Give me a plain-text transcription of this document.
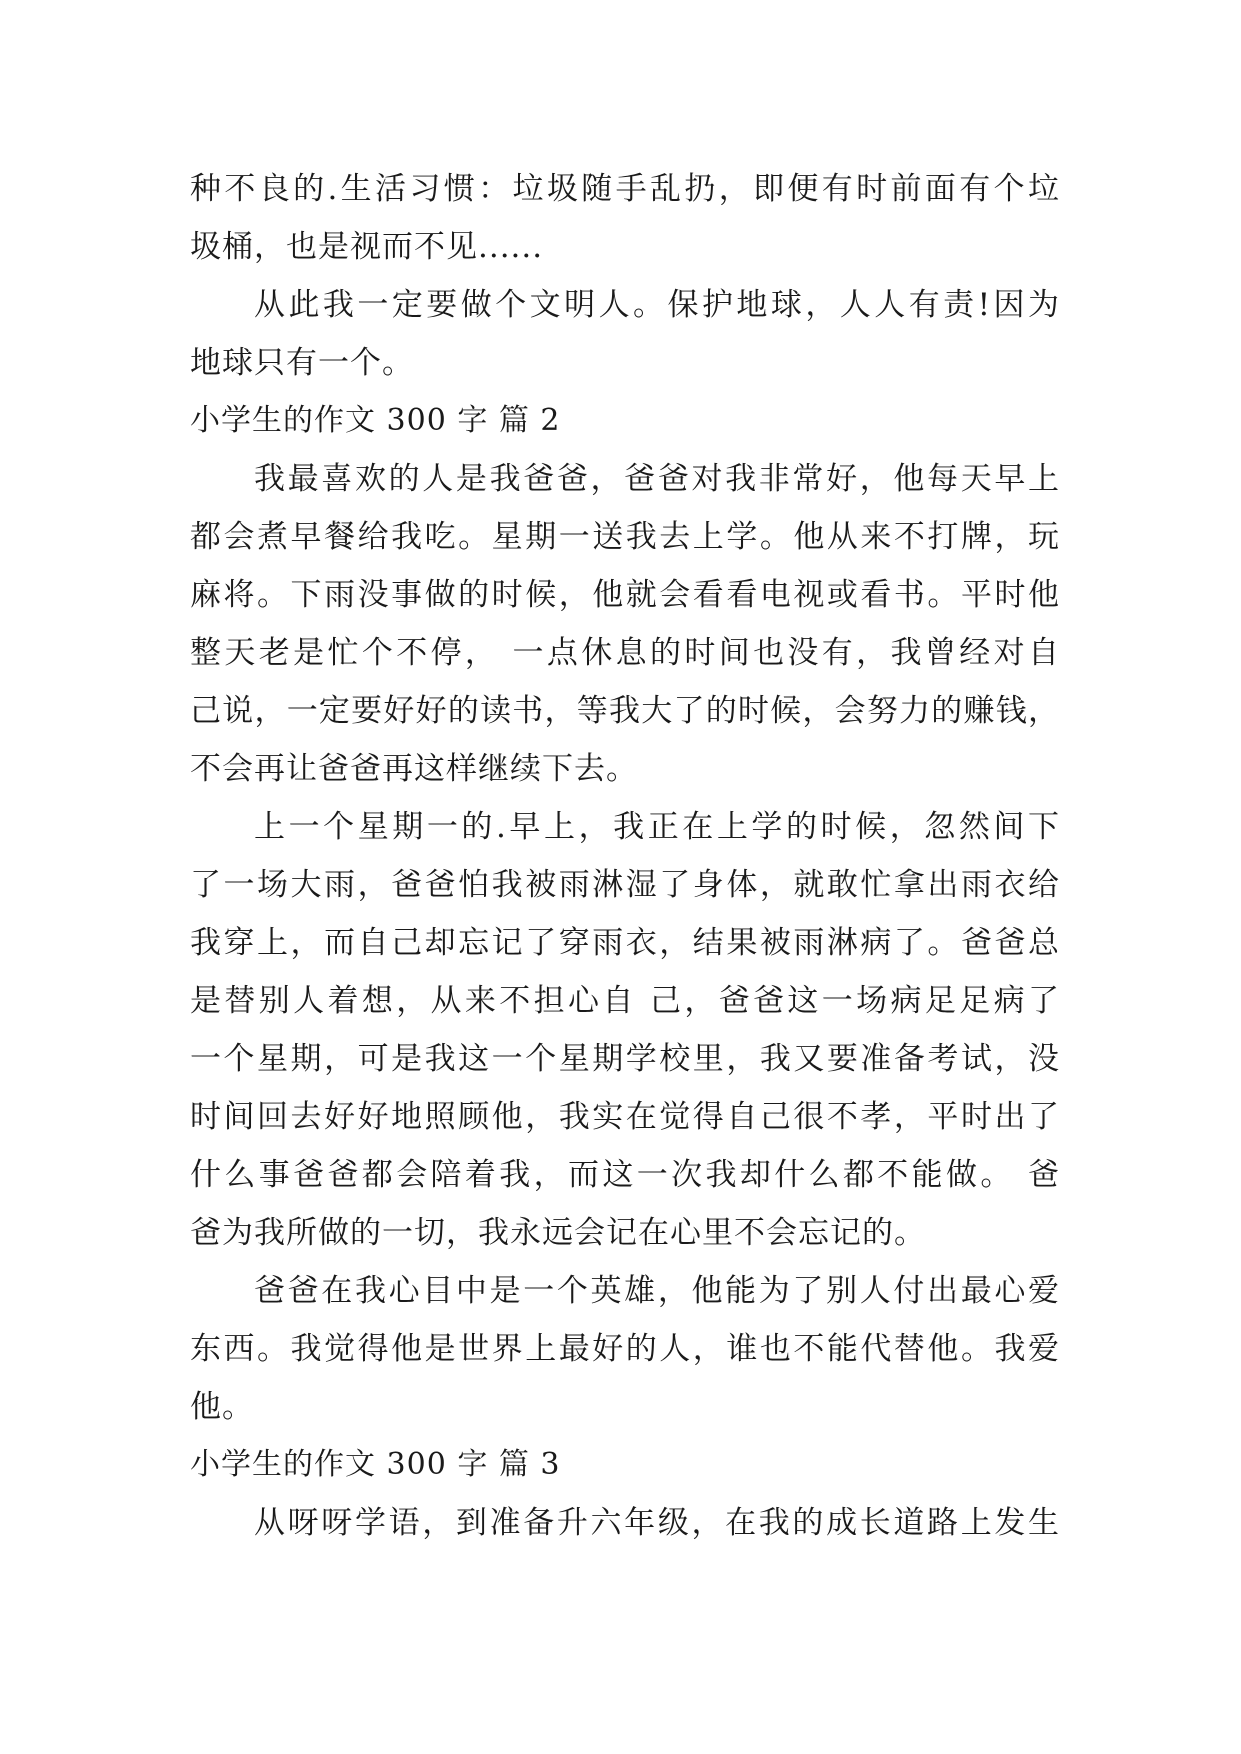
种不良的.生活习惯：垃圾随手乱扔，即便有时前面有个垃
圾桶，也是视而不见......
从此我一定要做个文明人。保护地球，人人有责!因为
地球只有一个。
小学生的作文 300 字 篇 2
我最喜欢的人是我爸爸，爸爸对我非常好，他每天早上
都会煮早餐给我吃。星期一送我去上学。他从来不打牌，玩
麻将。下雨没事做的时候，他就会看看电视或看书。平时他
整天老是忙个不停， 一点休息的时间也没有，我曾经对自
己说，一定要好好的读书，等我大了的时候，会努力的赚钱，
不会再让爸爸再这样继续下去。
上一个星期一的.早上，我正在上学的时候，忽然间下
了一场大雨，爸爸怕我被雨淋湿了身体，就敢忙拿出雨衣给
我穿上，而自己却忘记了穿雨衣，结果被雨淋病了。爸爸总
是替别人着想，从来不担心自 己，爸爸这一场病足足病了
一个星期，可是我这一个星期学校里，我又要准备考试，没
时间回去好好地照顾他，我实在觉得自己很不孝，平时出了
什么事爸爸都会陪着我，而这一次我却什么都不能做。 爸
爸为我所做的一切，我永远会记在心里不会忘记的。
爸爸在我心目中是一个英雄，他能为了别人付出最心爱
东西。我觉得他是世界上最好的人，谁也不能代替他。我爱
他。
小学生的作文 300 字 篇 3
从呀呀学语，到准备升六年级，在我的成长道路上发生
